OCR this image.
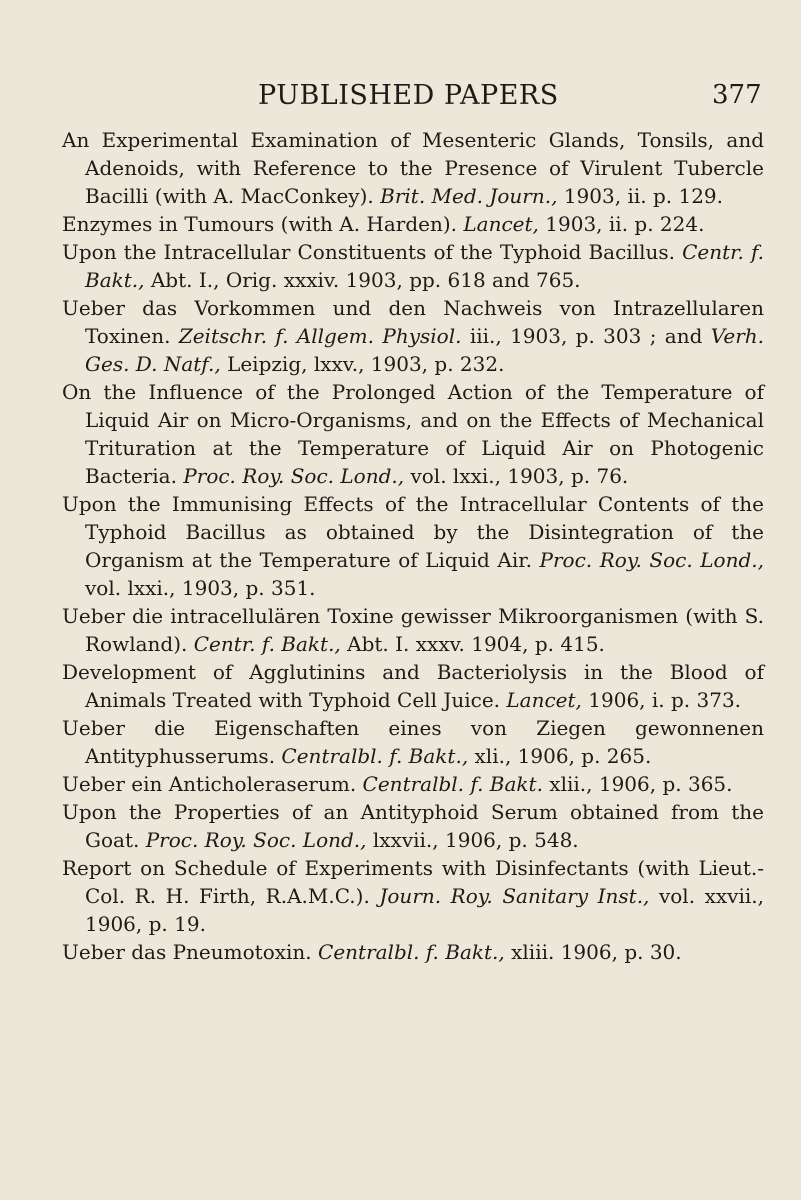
PUBLISHED PAPERS	377
An Experimental Examination of Mesenteric Glands, Tonsils, and Adenoids, with Reference to the Presence of Virulent Tubercle Bacilli (with A. MacConkey). Brit. Med. Journ., 1903, ii. p. 129.
Enzymes in Tumours (with A. Harden). Lancet, 1903, ii. p. 224.
Upon the Intracellular Constituents of the Typhoid Bacillus. Centr. f. Bakt., Abt. I., Orig. xxxiv. 1903, pp. 618 and 765.
Ueber das Vorkommen und den Nachweis von Intrazellularen Toxinen. Zeitschr. f. Allgem. Physiol. iii., 1903, p. 303 ; and Verh. Ges. D. Natf., Leipzig, lxxv., 1903, p. 232.
On the Influence of the Prolonged Action of the Temperature of Liquid Air on Micro-Organisms, and on the Effects of Mechanical Trituration at the Temperature of Liquid Air on Photogenic Bacteria. Proc. Roy. Soc. Lond., vol. lxxi., 1903, p. 76.
Upon the Immunising Effects of the Intracellular Contents of the Typhoid Bacillus as obtained by the Disintegration of the Organism at the Temperature of Liquid Air. Proc. Roy. Soc. Lond., vol. lxxi., 1903, p. 351.
Ueber die intracellulären Toxine gewisser Mikroorganismen (with S. Rowland). Centr. f. Bakt., Abt. I. xxxv. 1904, p. 415.
Development of Agglutinins and Bacteriolysis in the Blood of Animals Treated with Typhoid Cell Juice. Lancet, 1906, i. p. 373.
Ueber die Eigenschaften eines von Ziegen gewonnenen Antityphusserums. Centralbl. f. Bakt., xli., 1906, p. 265.
Ueber ein Anticholeraserum. Centralbl. f. Bakt. xlii., 1906, p. 365.
Upon the Properties of an Antityphoid Serum obtained from the Goat. Proc. Roy. Soc. Lond., lxxvii., 1906, p. 548.
Report on Schedule of Experiments with Disinfectants (with Lieut.-Col. R. H. Firth, R.A.M.C.). Journ. Roy. Sanitary Inst., vol. xxvii., 1906, p. 19.
Ueber das Pneumotoxin. Centralbl. f. Bakt., xliii. 1906, p. 30.
